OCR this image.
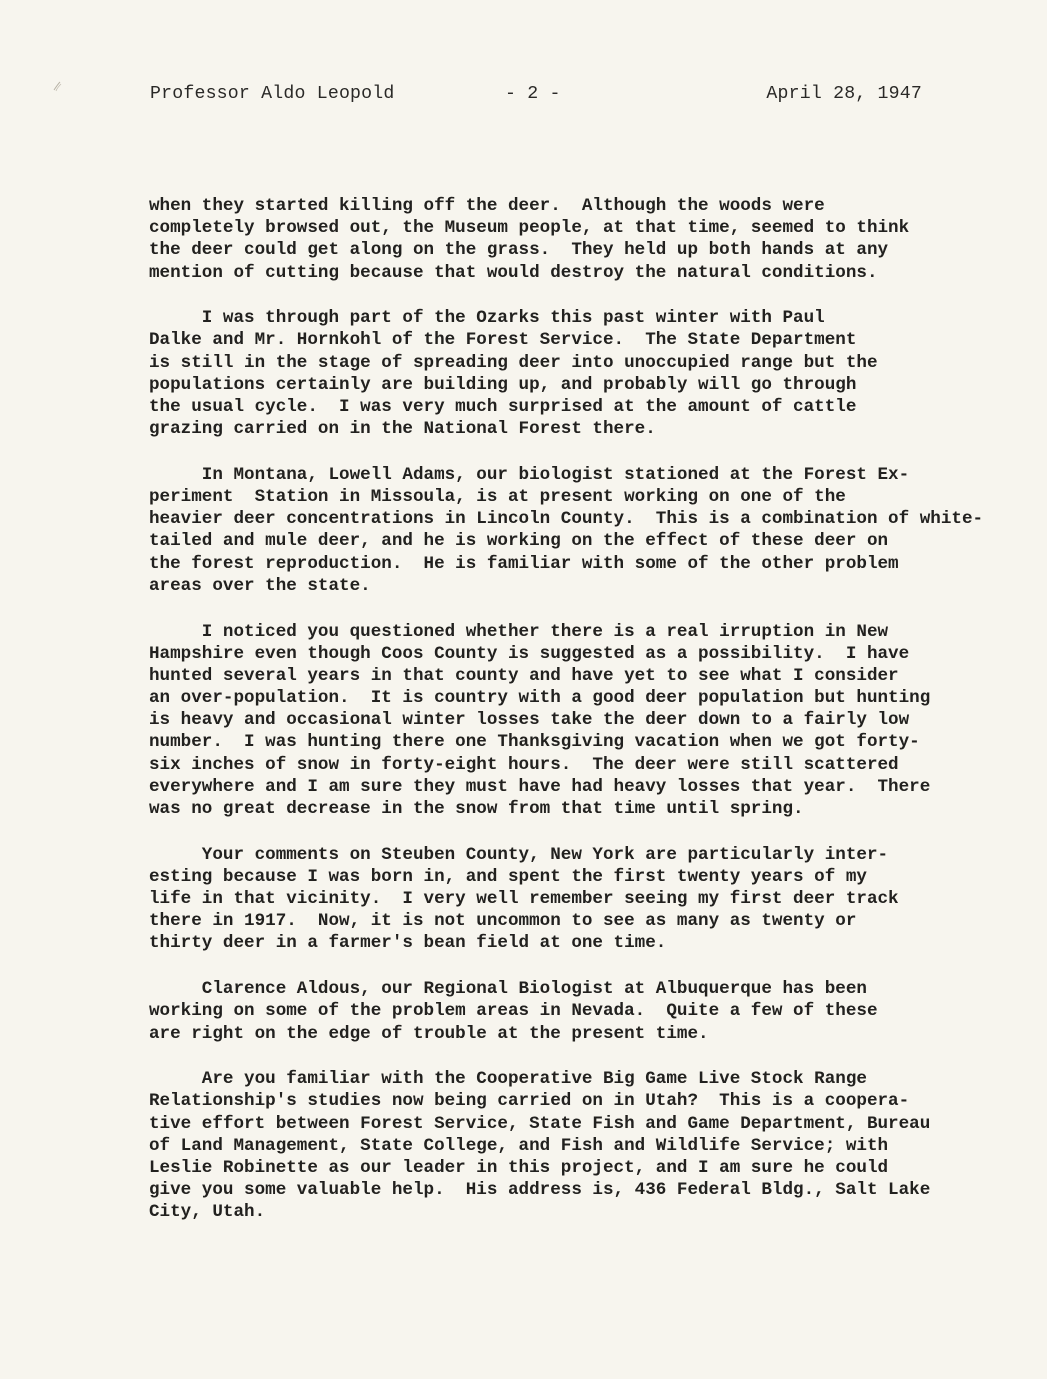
Professor Aldo Leopold	- 2 -	April 28, 1947
when they started killing off the deer.  Although the woods were
completely browsed out, the Museum people, at that time, seemed to think
the deer could get along on the grass.  They held up both hands at any
mention of cutting because that would destroy the natural conditions.
I was through part of the Ozarks this past winter with Paul
Dalke and Mr. Hornkohl of the Forest Service.  The State Department
is still in the stage of spreading deer into unoccupied range but the
populations certainly are building up, and probably will go through
the usual cycle.  I was very much surprised at the amount of cattle
grazing carried on in the National Forest there.
In Montana, Lowell Adams, our biologist stationed at the Forest Ex-
periment  Station in Missoula, is at present working on one of the
heavier deer concentrations in Lincoln County.  This is a combination of white-
tailed and mule deer, and he is working on the effect of these deer on
the forest reproduction.  He is familiar with some of the other problem
areas over the state.
I noticed you questioned whether there is a real irruption in New
Hampshire even though Coos County is suggested as a possibility.  I have
hunted several years in that county and have yet to see what I consider
an over-population.  It is country with a good deer population but hunting
is heavy and occasional winter losses take the deer down to a fairly low
number.  I was hunting there one Thanksgiving vacation when we got forty-
six inches of snow in forty-eight hours.  The deer were still scattered
everywhere and I am sure they must have had heavy losses that year.  There
was no great decrease in the snow from that time until spring.
Your comments on Steuben County, New York are particularly inter-
esting because I was born in, and spent the first twenty years of my
life in that vicinity.  I very well remember seeing my first deer track
there in 1917.  Now, it is not uncommon to see as many as twenty or
thirty deer in a farmer's bean field at one time.
Clarence Aldous, our Regional Biologist at Albuquerque has been
working on some of the problem areas in Nevada.  Quite a few of these
are right on the edge of trouble at the present time.
Are you familiar with the Cooperative Big Game Live Stock Range
Relationship's studies now being carried on in Utah?  This is a coopera-
tive effort between Forest Service, State Fish and Game Department, Bureau
of Land Management, State College, and Fish and Wildlife Service; with
Leslie Robinette as our leader in this project, and I am sure he could
give you some valuable help.  His address is, 436 Federal Bldg., Salt Lake
City, Utah.
